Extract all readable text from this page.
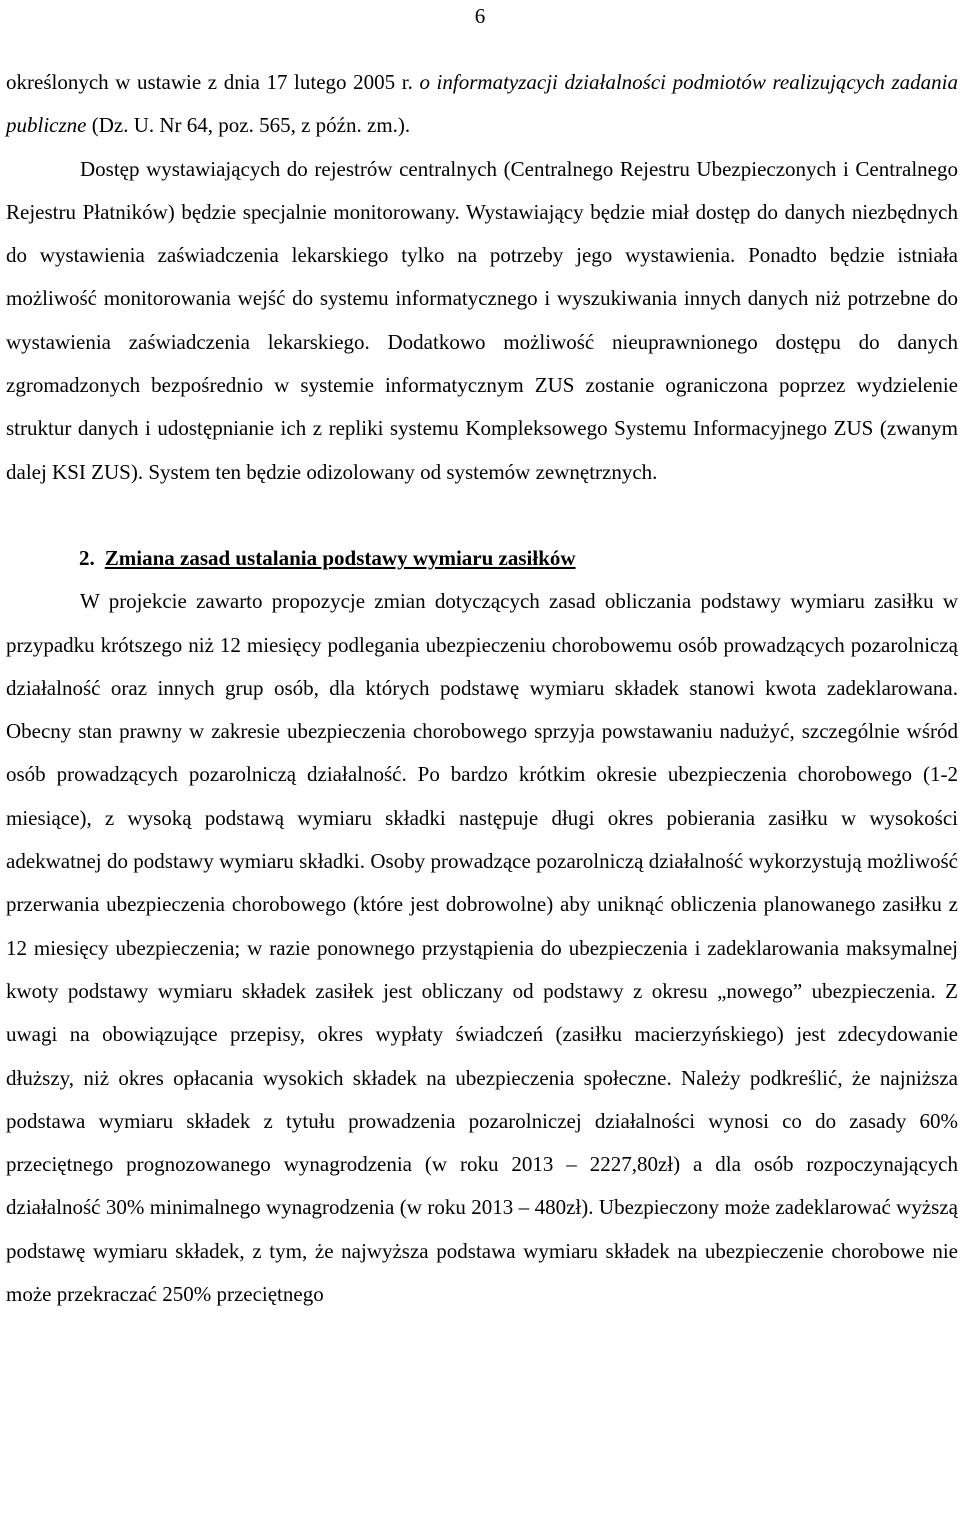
6

określonych w ustawie z dnia 17 lutego 2005 r. o informatyzacji działalności podmiotów realizujących zadania publiczne (Dz. U. Nr 64, poz. 565, z późn. zm.).

Dostęp wystawiających do rejestrów centralnych (Centralnego Rejestru Ubezpieczonych i Centralnego Rejestru Płatników) będzie specjalnie monitorowany. Wystawiający będzie miał dostęp do danych niezbędnych do wystawienia zaświadczenia lekarskiego tylko na potrzeby jego wystawienia. Ponadto będzie istniała możliwość monitorowania wejść do systemu informatycznego i wyszukiwania innych danych niż potrzebne do wystawienia zaświadczenia lekarskiego. Dodatkowo możliwość nieuprawnionego dostępu do danych zgromadzonych bezpośrednio w systemie informatycznym ZUS zostanie ograniczona poprzez wydzielenie struktur danych i udostępnianie ich z repliki systemu Kompleksowego Systemu Informacyjnego ZUS (zwanym dalej KSI ZUS). System ten będzie odizolowany od systemów zewnętrznych.

2. Zmiana zasad ustalania podstawy wymiaru zasiłków

W projekcie zawarto propozycje zmian dotyczących zasad obliczania podstawy wymiaru zasiłku w przypadku krótszego niż 12 miesięcy podlegania ubezpieczeniu chorobowemu osób prowadzących pozarolniczą działalność oraz innych grup osób, dla których podstawę wymiaru składek stanowi kwota zadeklarowana. Obecny stan prawny w zakresie ubezpieczenia chorobowego sprzyja powstawaniu nadużyć, szczególnie wśród osób prowadzących pozarolniczą działalność. Po bardzo krótkim okresie ubezpieczenia chorobowego (1-2 miesiące), z wysoką podstawą wymiaru składki następuje długi okres pobierania zasiłku w wysokości adekwatnej do podstawy wymiaru składki. Osoby prowadzące pozarolniczą działalność wykorzystują możliwość przerwania ubezpieczenia chorobowego (które jest dobrowolne) aby uniknąć obliczenia planowanego zasiłku z 12 miesięcy ubezpieczenia; w razie ponownego przystąpienia do ubezpieczenia i zadeklarowania maksymalnej kwoty podstawy wymiaru składek zasiłek jest obliczany od podstawy z okresu „nowego” ubezpieczenia. Z uwagi na obowiązujące przepisy, okres wypłaty świadczeń (zasiłku macierzyńskiego) jest zdecydowanie dłuższy, niż okres opłacania wysokich składek na ubezpieczenia społeczne. Należy podkreślić, że najniższa podstawa wymiaru składek z tytułu prowadzenia pozarolniczej działalności wynosi co do zasady 60% przeciętnego prognozowanego wynagrodzenia (w roku 2013 – 2227,80zł) a dla osób rozpoczynających działalność 30% minimalnego wynagrodzenia (w roku 2013 – 480zł). Ubezpieczony może zadeklarować wyższą podstawę wymiaru składek, z tym, że najwyższa podstawa wymiaru składek na ubezpieczenie chorobowe nie może przekraczać 250% przeciętnego
